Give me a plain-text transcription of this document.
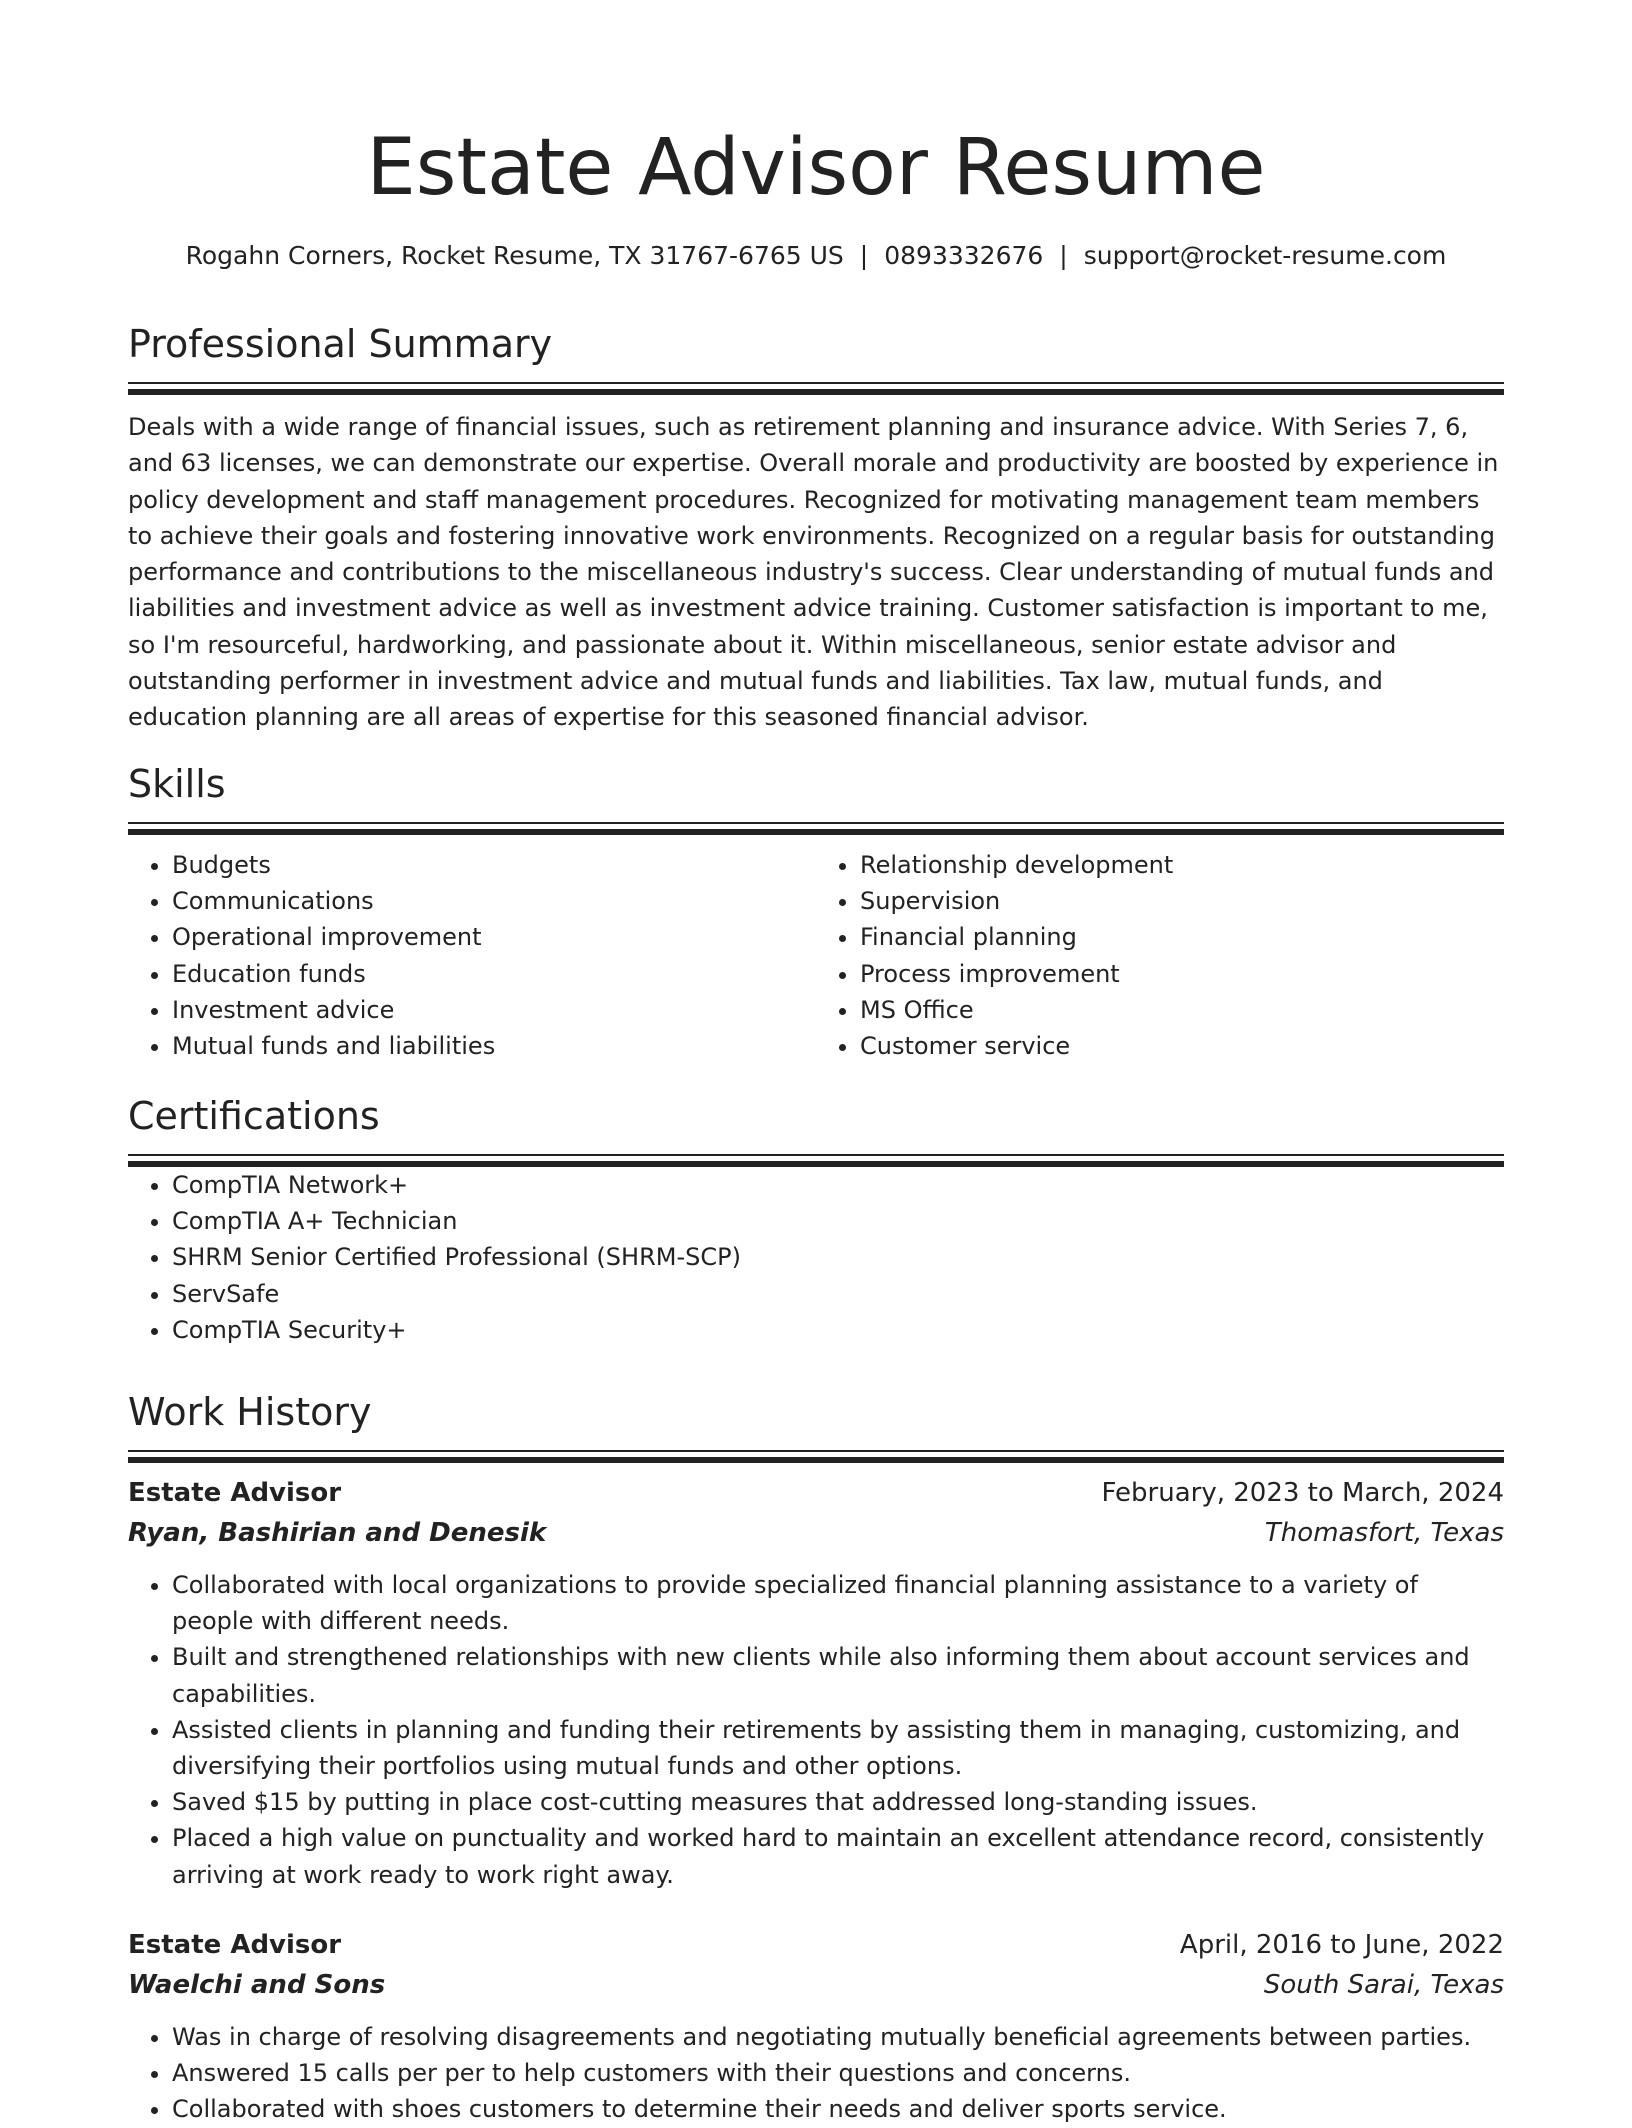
Estate Advisor Resume
Rogahn Corners, Rocket Resume, TX 31767-6765 US | 0893332676 | support@rocket-resume.com
Professional Summary

Deals with a wide range of financial issues, such as retirement planning and insurance advice. With Series 7, 6, and 63 licenses, we can demonstrate our expertise. Overall morale and productivity are boosted by experience in policy development and staff management procedures. Recognized for motivating management team members to achieve their goals and fostering innovative work environments. Recognized on a regular basis for outstanding performance and contributions to the miscellaneous industry's success. Clear understanding of mutual funds and liabilities and investment advice as well as investment advice training. Customer satisfaction is important to me, so I'm resourceful, hardworking, and passionate about it. Within miscellaneous, senior estate advisor and outstanding performer in investment advice and mutual funds and liabilities. Tax law, mutual funds, and education planning are all areas of expertise for this seasoned financial advisor.

Skills
• Budgets
• Communications
• Operational improvement
• Education funds
• Investment advice
• Mutual funds and liabilities
• Relationship development
• Supervision
• Financial planning
• Process improvement
• MS Office
• Customer service
Certifications
• CompTIA Network+
• CompTIA A+ Technician
• SHRM Senior Certified Professional (SHRM-SCP)
• ServSafe
• CompTIA Security+
Work History
Estate Advisor	February, 2023 to March, 2024
Ryan, Bashirian and Denesik	Thomasfort, Texas
• Collaborated with local organizations to provide specialized financial planning assistance to a variety of people with different needs.
• Built and strengthened relationships with new clients while also informing them about account services and capabilities.
• Assisted clients in planning and funding their retirements by assisting them in managing, customizing, and diversifying their portfolios using mutual funds and other options.
• Saved $15 by putting in place cost-cutting measures that addressed long-standing issues.
• Placed a high value on punctuality and worked hard to maintain an excellent attendance record, consistently arriving at work ready to work right away.
Estate Advisor	April, 2016 to June, 2022
Waelchi and Sons	South Sarai, Texas
• Was in charge of resolving disagreements and negotiating mutually beneficial agreements between parties.
• Answered 15 calls per per to help customers with their questions and concerns.
• Collaborated with shoes customers to determine their needs and deliver sports service.
